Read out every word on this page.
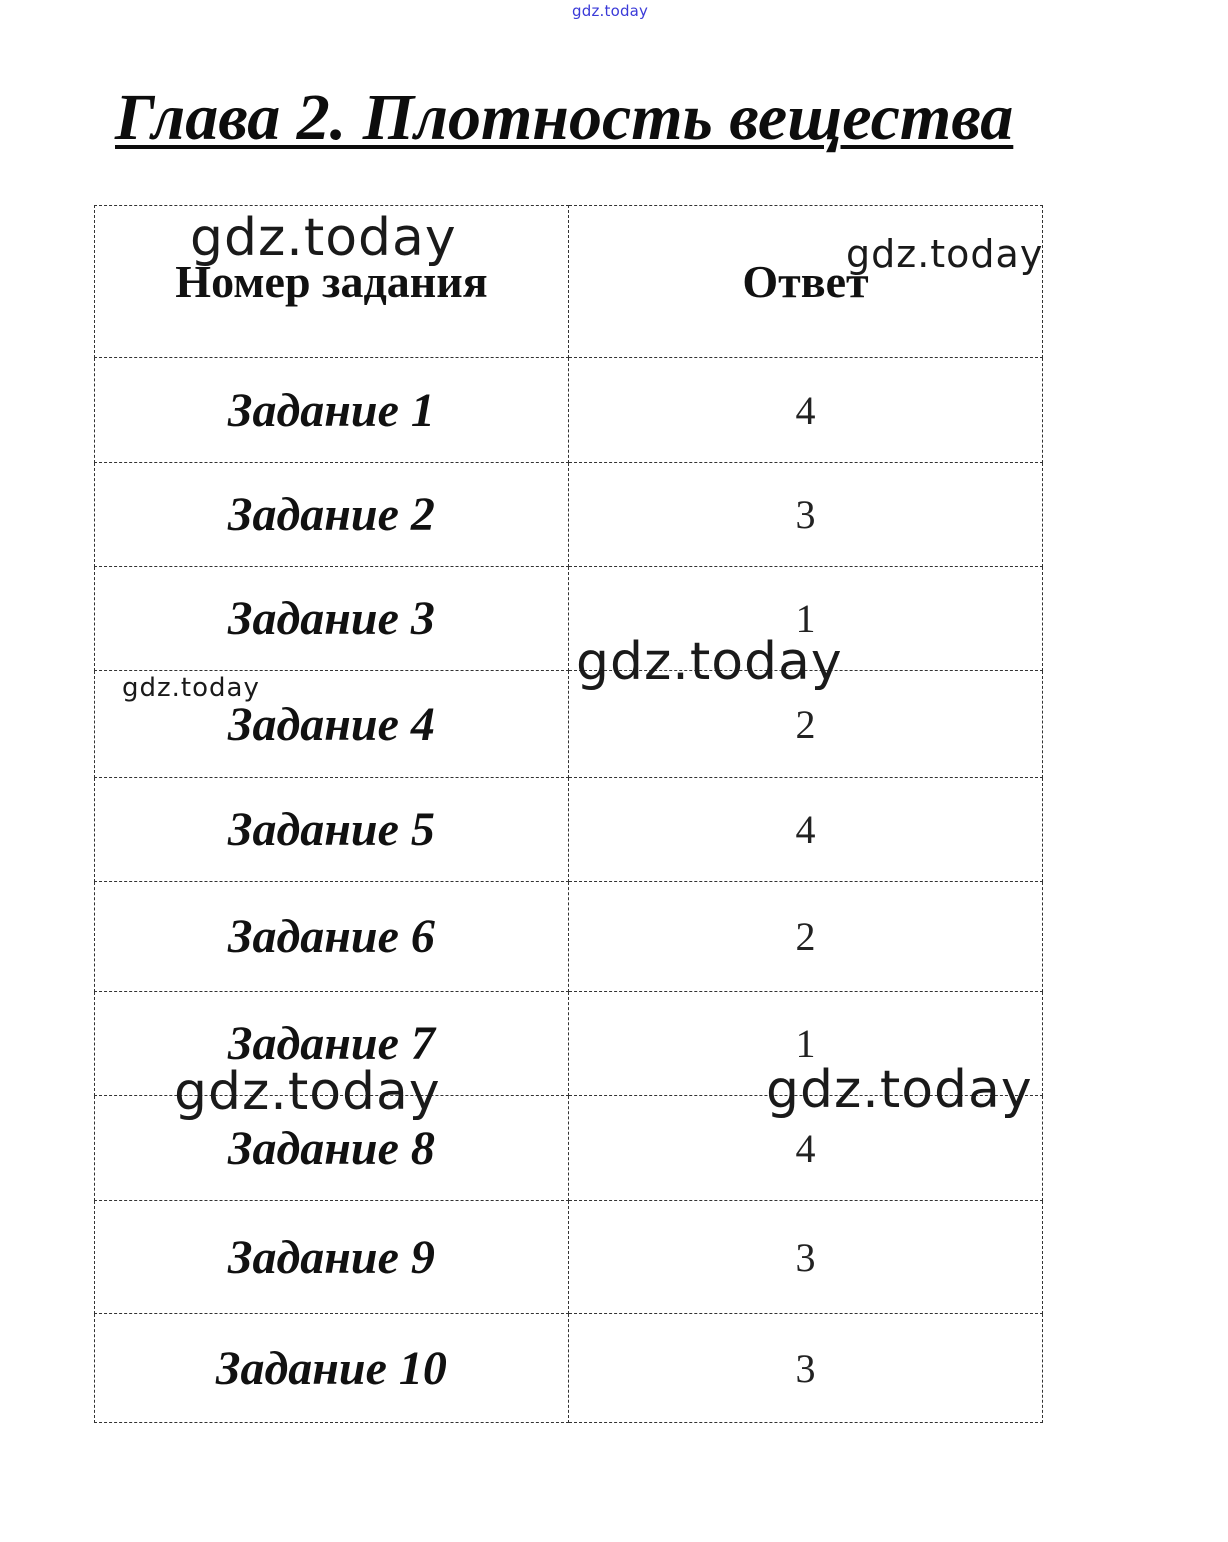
gdz.today
Глава 2. Плотность вещества
Номер задания	Ответ
Задание 1	4
Задание 2	3
Задание 3	1
Задание 4	2
Задание 5	4
Задание 6	2
Задание 7	1
Задание 8	4
Задание 9	3
Задание 10	3
gdz.today	gdz.today
gdz.today
gdz.today
gdz.today	gdz.today
